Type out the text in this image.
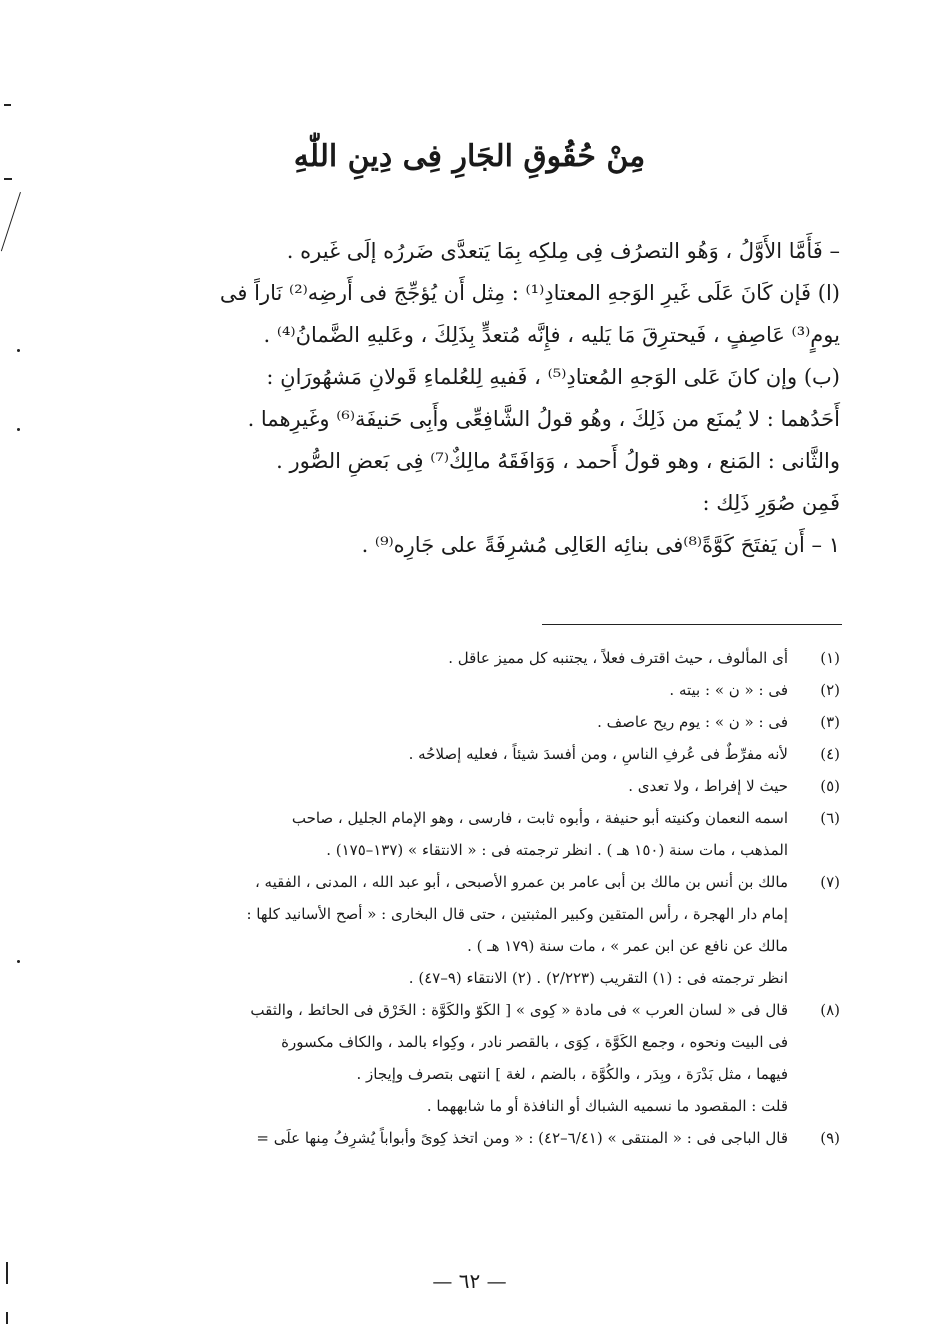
مِنْ حُقُوقِ الجَارِ فِى دِينِ اللّٰهِ

– فَأَمَّا الأَوَّلُ ، وَهُو التصرُف فِى مِلكِه بِمَا يَتعدَّى ضَررُه إلَى غَيره .

(ا) فَإن كَانَ عَلَى غَيرِ الوَجهِ المعتادِ⁽¹⁾ : مِثل أَن يُؤجِّجَ فى أَرضِه⁽²⁾ نَاراً فى

يومٍ⁽³⁾ عَاصِفٍ ، فَيحترِقَ مَا يَليه ، فإِنَّه مُتعدٍّ بِذَلِكَ ، وعَليهِ الضَّمانُ⁽⁴⁾ .

(ب) وإن كانَ عَلى الوَجهِ المُعتادِ⁽⁵⁾ ، فَفيهِ لِلعُلماءِ قَولانِ مَشهُورَانِ :

أَحَدُهما : لا يُمنَع من ذَلِكَ ، وهُو قولُ الشَّافِعِّى وأَبِى حَنيفَة⁽⁶⁾ وغَيرِهما .

والثَّانى : المَنع ، وهو قولُ أَحمد ، وَوَافَقَهُ مالِكٌ⁽⁷⁾ فِى بَعضِ الصُّور .

فَمِن صُوَرِ ذَلِك :

١ – أَن يَفتَحَ كَوَّةً⁽⁸⁾فى بنائِه العَالِى مُشرِفَةً على جَارِه⁽⁹⁾ .

(١)
أى المألوف ، حيث اقترف فعلاً ، يجتنبه كل مميز عاقل .
(٢)
فى : « ن » : بيته .
(٣)
فى : « ن » : يوم ريح عاصف .
(٤)
لأنه مفرِّطٌ فى عُرفِ الناسِ ، ومن أفسدَ شيئاً ، فعليه إصلاحُه .
(٥)
حيث لا إفراط ، ولا تعدى .
(٦)
اسمه النعمان وكنيته أبو حنيفة ، وأبوه ثابت ، فارسى ، وهو الإمام الجليل ، صاحب
المذهب ، مات سنة (١٥٠ هـ ) . انظر ترجمته فى : « الانتقاء » (١٣٧–١٧٥) .
(٧)
مالك بن أنس بن مالك بن أبى عامر بن عمرو الأصبحى ، أبو عبد الله ، المدنى ، الفقيه ،
إمام دار الهجرة ، رأس المتقين وكبير المثبتين ، حتى قال البخارى : « أصح الأسانيد كلها :
مالك عن نافع عن ابن عمر » ، مات سنة (١٧٩ هـ ) .
انظر ترجمته فى : (١) التقريب (٢/٢٢٣) . (٢) الانتقاء (٩–٤٧) .
(٨)
قال فى « لسان العرب » فى مادة « كِوى » [ الكَوّ والكَوَّة : الخَرْق فى الحائط ، والثقب
فى البيت ونحوه ، وجمع الكَوَّة ، كِوَى ، بالقصر نادر ، وكِواء بالمد ، والكاف مكسورة
فيهما ، مثل بَدْرَة ، وبِدَر ، والكُوَّة ، بالضم ، لغة ] انتهى بتصرف وإيجاز .
قلت : المقصود ما نسميه الشباك أو النافذة أو ما شابههما .
(٩)
قال الباجى فى : « المنتقى » (٦/٤١–٤٢) : « ومن اتخذ كِوىً وأبواباً يُشرِفُ مِنها علَى =
— ٦٢ —
